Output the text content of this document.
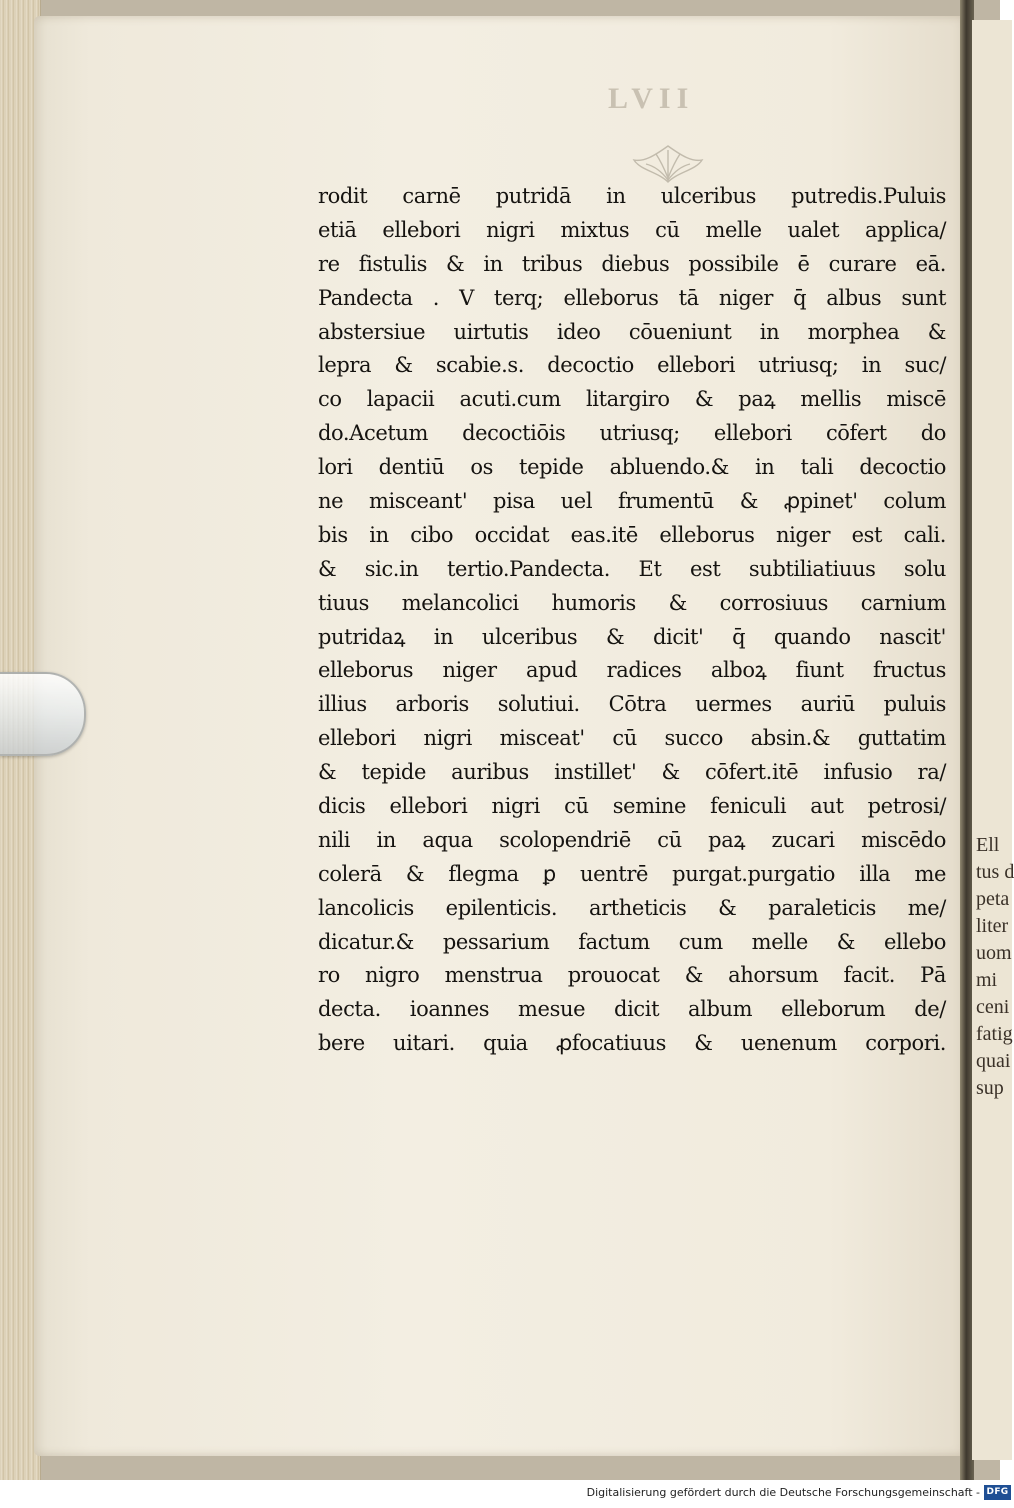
Ell
tus d
peta
liter
uom
mi
ceni
fatig
quai
sup
LVII
rodit carnē putridā in ulceribus putredis.Puluis
etiā ellebori nigri mixtus cū melle ualet applica/
re fistulis & in tribus diebus possibile ē curare eā.
Pandecta . V terq; elleborus tā niger q̄ albus sunt
abstersiue uirtutis ideo cōueniunt in morphea &
lepra & scabie.s. decoctio ellebori utriusq; in suc/
co lapacii acuti.cum litargiro & paꝝ mellis miscē
do.Acetum decoctiōis utriusq; ellebori cōfert do
lori dentiū os tepide abluendo.& in tali decoctio
ne misceant' pisa uel frumentū & ꝓpinet' colum
bis in cibo occidat eas.itē elleborus niger est cali.
& sic.in tertio.Pandecta. Et est subtiliatiuus solu
tiuus melancolici humoris & corrosiuus carnium
putridaꝝ in ulceribus & dicit' q̄ quando nascit'
elleborus niger apud radices alboꝝ fiunt fructus
illius arboris solutiui. Cōtra uermes auriū puluis
ellebori nigri misceat' cū succo absin.& guttatim
& tepide auribus instillet' & cōfert.itē infusio ra/
dicis ellebori nigri cū semine feniculi aut petrosi/
nili in aqua scolopendriē cū paꝝ zucari miscēdo
colerā & flegma ꝑ uentrē purgat.purgatio illa me
lancolicis epilenticis. artheticis & paraleticis me/
dicatur.& pessarium factum cum melle & ellebo
ro nigro menstrua prouocat & ahorsum facit. Pā
decta. ioannes mesue dicit album elleborum de/
bere uitari. quia ꝓfocatiuus & uenenum corpori.
Digitalisierung gefördert durch die Deutsche Forschungsgemeinschaft - DFG
